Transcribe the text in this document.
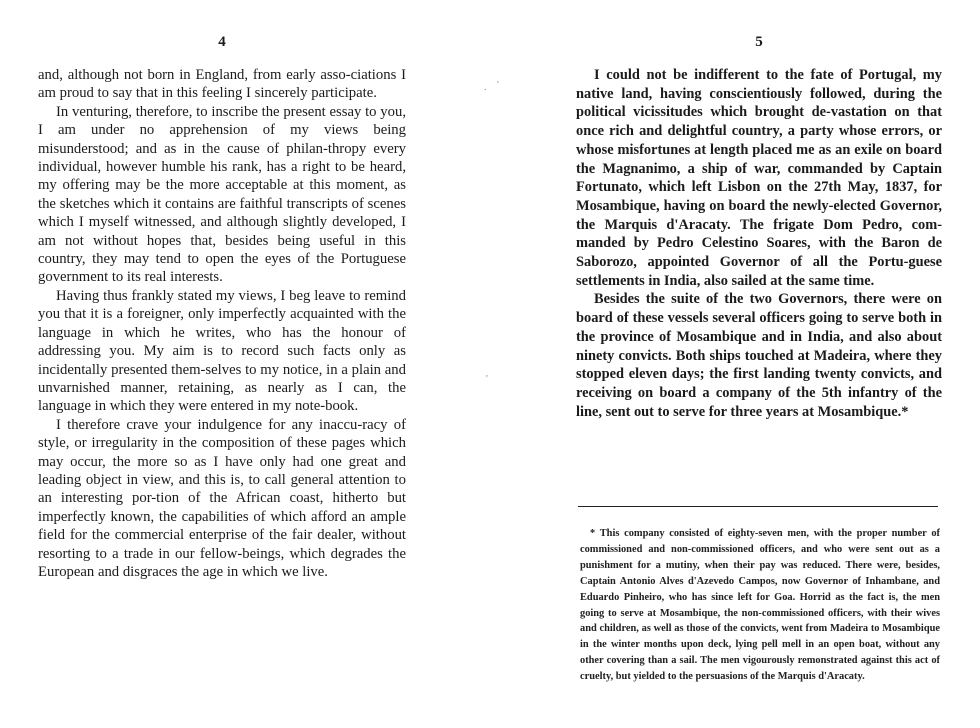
4

and, although not born in England, from early asso-ciations I am proud to say that in this feeling I sincerely participate.

In venturing, therefore, to inscribe the present essay to you, I am under no apprehension of my views being misunderstood; and as in the cause of philan-thropy every individual, however humble his rank, has a right to be heard, my offering may be the more acceptable at this moment, as the sketches which it contains are faithful transcripts of scenes which I myself witnessed, and although slightly developed, I am not without hopes that, besides being useful in this country, they may tend to open the eyes of the Portuguese government to its real interests.

Having thus frankly stated my views, I beg leave to remind you that it is a foreigner, only imperfectly acquainted with the language in which he writes, who has the honour of addressing you. My aim is to record such facts only as incidentally presented them-selves to my notice, in a plain and unvarnished manner, retaining, as nearly as I can, the language in which they were entered in my note-book.

I therefore crave your indulgence for any inaccu-racy of style, or irregularity in the composition of these pages which may occur, the more so as I have only had one great and leading object in view, and this is, to call general attention to an interesting por-tion of the African coast, hitherto but imperfectly known, the capabilities of which afford an ample field for the commercial enterprise of the fair dealer, without resorting to a trade in our fellow-beings, which degrades the European and disgraces the age in which we live.

. '
'
5

I could not be indifferent to the fate of Portugal, my native land, having conscientiously followed, during the political vicissitudes which brought de-vastation on that once rich and delightful country, a party whose errors, or whose misfortunes at length placed me as an exile on board the Magnanimo, a ship of war, commanded by Captain Fortunato, which left Lisbon on the 27th May, 1837, for Mosambique, having on board the newly-elected Governor, the Marquis d'Aracaty. The frigate Dom Pedro, com-manded by Pedro Celestino Soares, with the Baron de Saborozo, appointed Governor of all the Portu-guese settlements in India, also sailed at the same time.

Besides the suite of the two Governors, there were on board of these vessels several officers going to serve both in the province of Mosambique and in India, and also about ninety convicts. Both ships touched at Madeira, where they stopped eleven days; the first landing twenty convicts, and receiving on board a company of the 5th infantry of the line, sent out to serve for three years at Mosambique.*

* This company consisted of eighty-seven men, with the proper number of commissioned and non-commissioned officers, and who were sent out as a punishment for a mutiny, when their pay was reduced. There were, besides, Captain Antonio Alves d'Azevedo Campos, now Governor of Inhambane, and Eduardo Pinheiro, who has since left for Goa. Horrid as the fact is, the men going to serve at Mosambique, the non-commissioned officers, with their wives and children, as well as those of the convicts, went from Madeira to Mosambique in the winter months upon deck, lying pell mell in an open boat, without any other covering than a sail. The men vigourously remonstrated against this act of cruelty, but yielded to the persuasions of the Marquis d'Aracaty.
